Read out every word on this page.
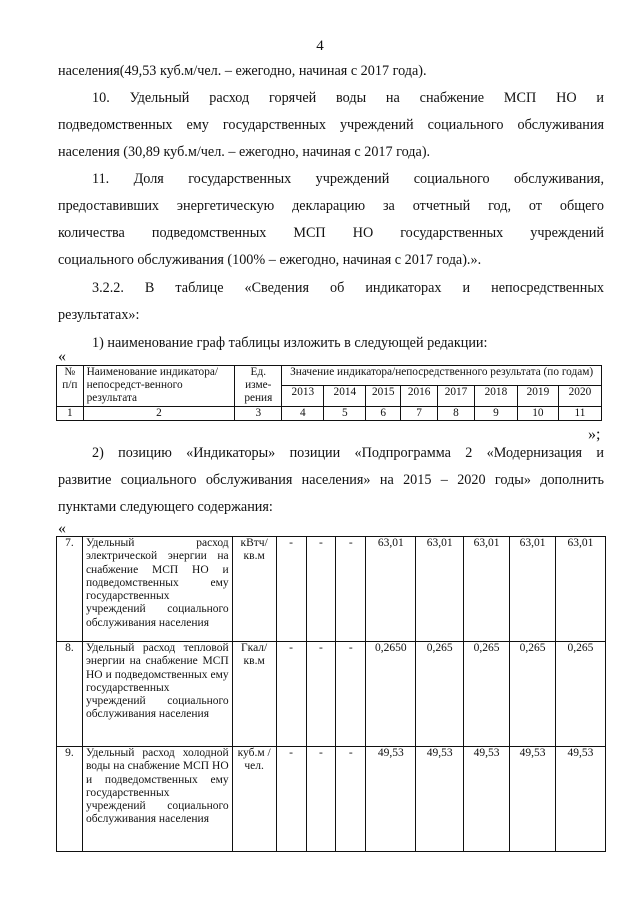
4
населения(49,53 куб.м/чел. – ежегодно, начиная с 2017 года).
10. Удельный расход горячей воды на снабжение МСП НО и
подведомственных ему государственных учреждений социального обслуживания
населения (30,89 куб.м/чел. – ежегодно, начиная с 2017 года).
11. Доля государственных учреждений социального обслуживания,
предоставивших энергетическую декларацию за отчетный год, от общего
количества подведомственных МСП НО государственных учреждений
социального обслуживания (100% – ежегодно, начиная с 2017 года).».
3.2.2. В таблице «Сведения об индикаторах и непосредственных
результатах»:
1) наименование граф таблицы изложить в следующей редакции:
«
№ п/п	Наименование индикатора/непосредст-венного результата	Ед. изме-рения	Значение индикатора/непосредственного результата (по годам)							
			2013	2014	2015	2016	2017	2018	2019	2020
1	2	3	4	5	6	7	8	9	10	11
»;
2) позицию «Индикаторы» позиции «Подпрограмма 2 «Модернизация и
развитие социального обслуживания населения» на 2015 – 2020 годы» дополнить
пунктами следующего содержания:
«
7.	Удельный расход электрической энергии на снабжение МСП НО и подведомственных ему государственных учреждений социального обслуживания населения	кВтч/ кв.м	-	-	-	63,01	63,01	63,01	63,01	63,01
8.	Удельный расход тепловой энергии на снабжение МСП НО и подведомственных ему государственных учреждений социального обслуживания населения	Гкал/ кв.м	-	-	-	0,2650	0,265	0,265	0,265	0,265
9.	Удельный расход холодной воды на снабжение МСП НО и подведомственных ему государственных учреждений социального обслуживания населения	куб.м / чел.	-	-	-	49,53	49,53	49,53	49,53	49,53
